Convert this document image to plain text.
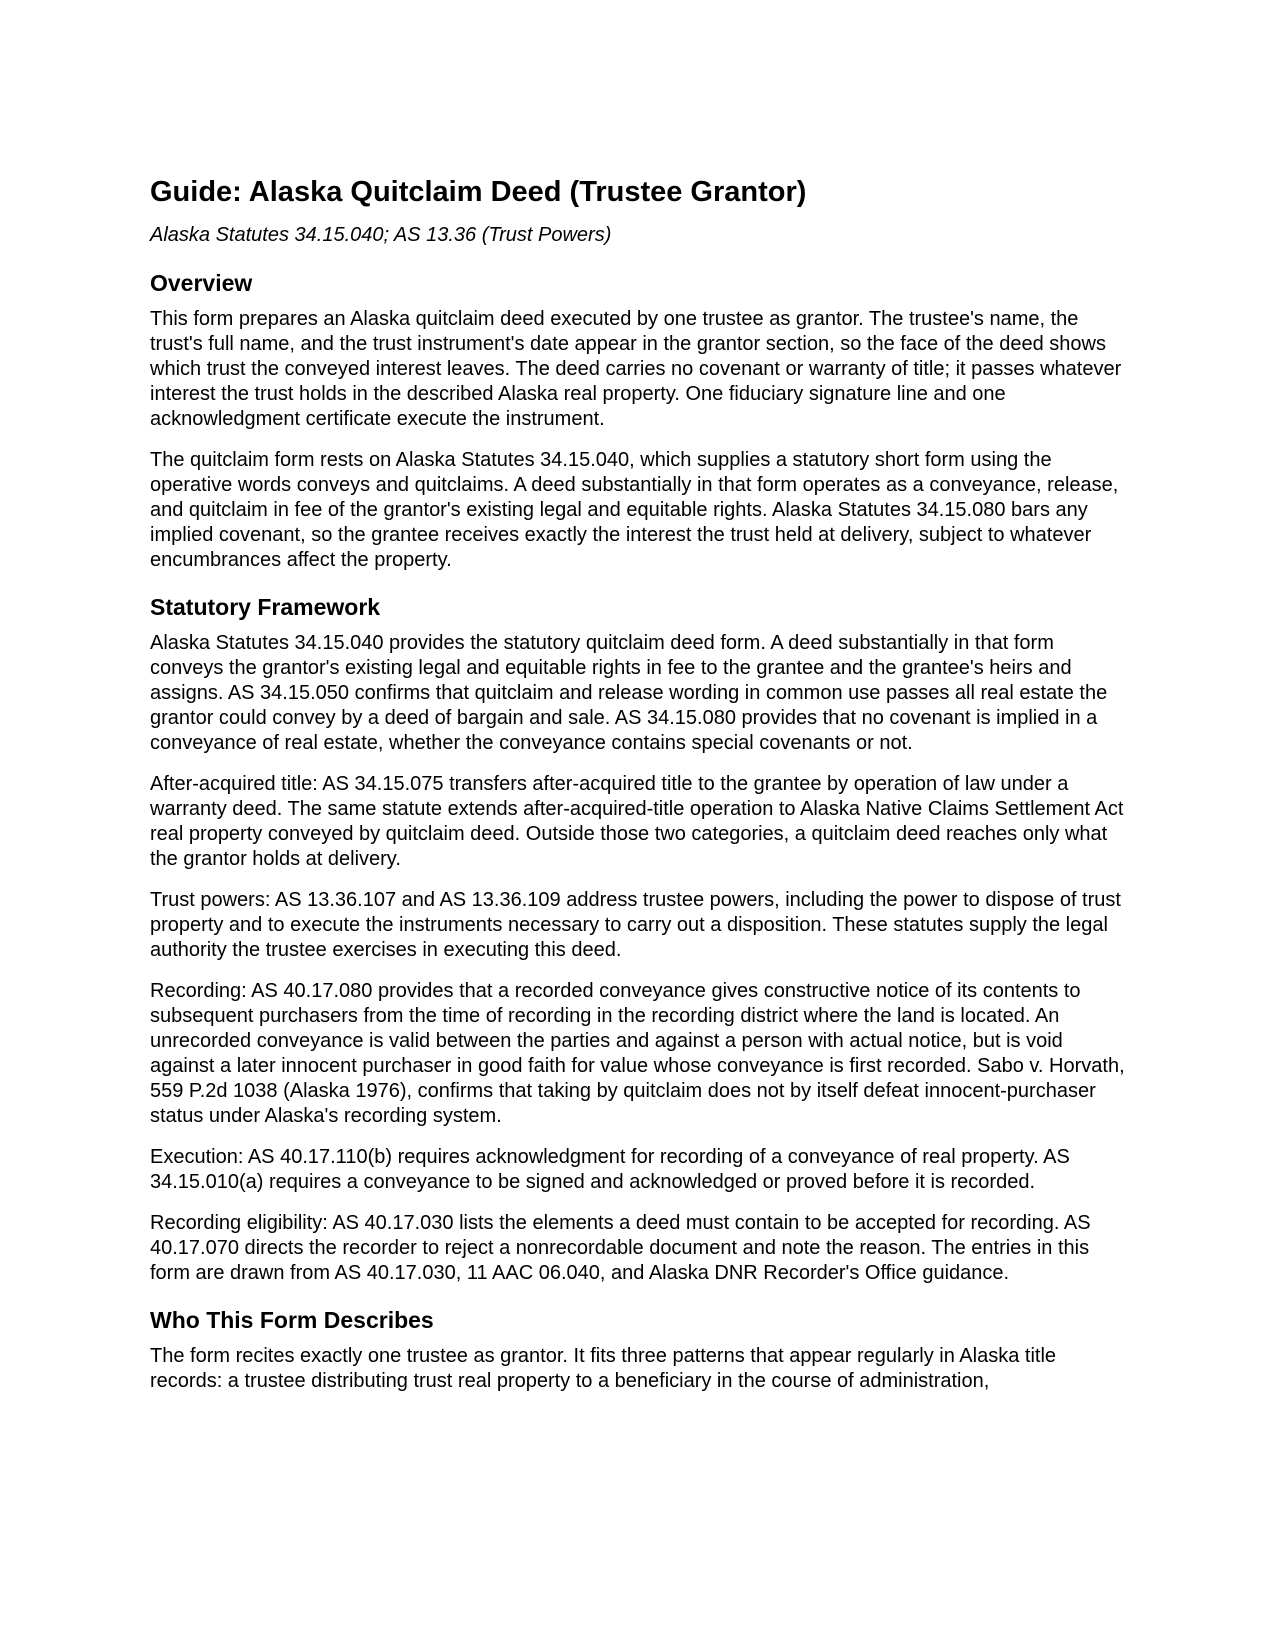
Guide: Alaska Quitclaim Deed (Trustee Grantor)
Alaska Statutes 34.15.040; AS 13.36 (Trust Powers)
Overview

This form prepares an Alaska quitclaim deed executed by one trustee as grantor. The trustee's name, the trust's full name, and the trust instrument's date appear in the grantor section, so the face of the deed shows which trust the conveyed interest leaves. The deed carries no covenant or warranty of title; it passes whatever interest the trust holds in the described Alaska real property. One fiduciary signature line and one acknowledgment certificate execute the instrument.

The quitclaim form rests on Alaska Statutes 34.15.040, which supplies a statutory short form using the operative words conveys and quitclaims. A deed substantially in that form operates as a conveyance, release, and quitclaim in fee of the grantor's existing legal and equitable rights. Alaska Statutes 34.15.080 bars any implied covenant, so the grantee receives exactly the interest the trust held at delivery, subject to whatever encumbrances affect the property.

Statutory Framework

Alaska Statutes 34.15.040 provides the statutory quitclaim deed form. A deed substantially in that form conveys the grantor's existing legal and equitable rights in fee to the grantee and the grantee's heirs and assigns. AS 34.15.050 confirms that quitclaim and release wording in common use passes all real estate the grantor could convey by a deed of bargain and sale. AS 34.15.080 provides that no covenant is implied in a conveyance of real estate, whether the conveyance contains special covenants or not.

After-acquired title: AS 34.15.075 transfers after-acquired title to the grantee by operation of law under a warranty deed. The same statute extends after-acquired-title operation to Alaska Native Claims Settlement Act real property conveyed by quitclaim deed. Outside those two categories, a quitclaim deed reaches only what the grantor holds at delivery.

Trust powers: AS 13.36.107 and AS 13.36.109 address trustee powers, including the power to dispose of trust property and to execute the instruments necessary to carry out a disposition. These statutes supply the legal authority the trustee exercises in executing this deed.

Recording: AS 40.17.080 provides that a recorded conveyance gives constructive notice of its contents to subsequent purchasers from the time of recording in the recording district where the land is located. An unrecorded conveyance is valid between the parties and against a person with actual notice, but is void against a later innocent purchaser in good faith for value whose conveyance is first recorded. Sabo v. Horvath, 559 P.2d 1038 (Alaska 1976), confirms that taking by quitclaim does not by itself defeat innocent-purchaser status under Alaska's recording system.

Execution: AS 40.17.110(b) requires acknowledgment for recording of a conveyance of real property. AS 34.15.010(a) requires a conveyance to be signed and acknowledged or proved before it is recorded.

Recording eligibility: AS 40.17.030 lists the elements a deed must contain to be accepted for recording. AS 40.17.070 directs the recorder to reject a nonrecordable document and note the reason. The entries in this form are drawn from AS 40.17.030, 11 AAC 06.040, and Alaska DNR Recorder's Office guidance.

Who This Form Describes

The form recites exactly one trustee as grantor. It fits three patterns that appear regularly in Alaska title records: a trustee distributing trust real property to a beneficiary in the course of administration,
